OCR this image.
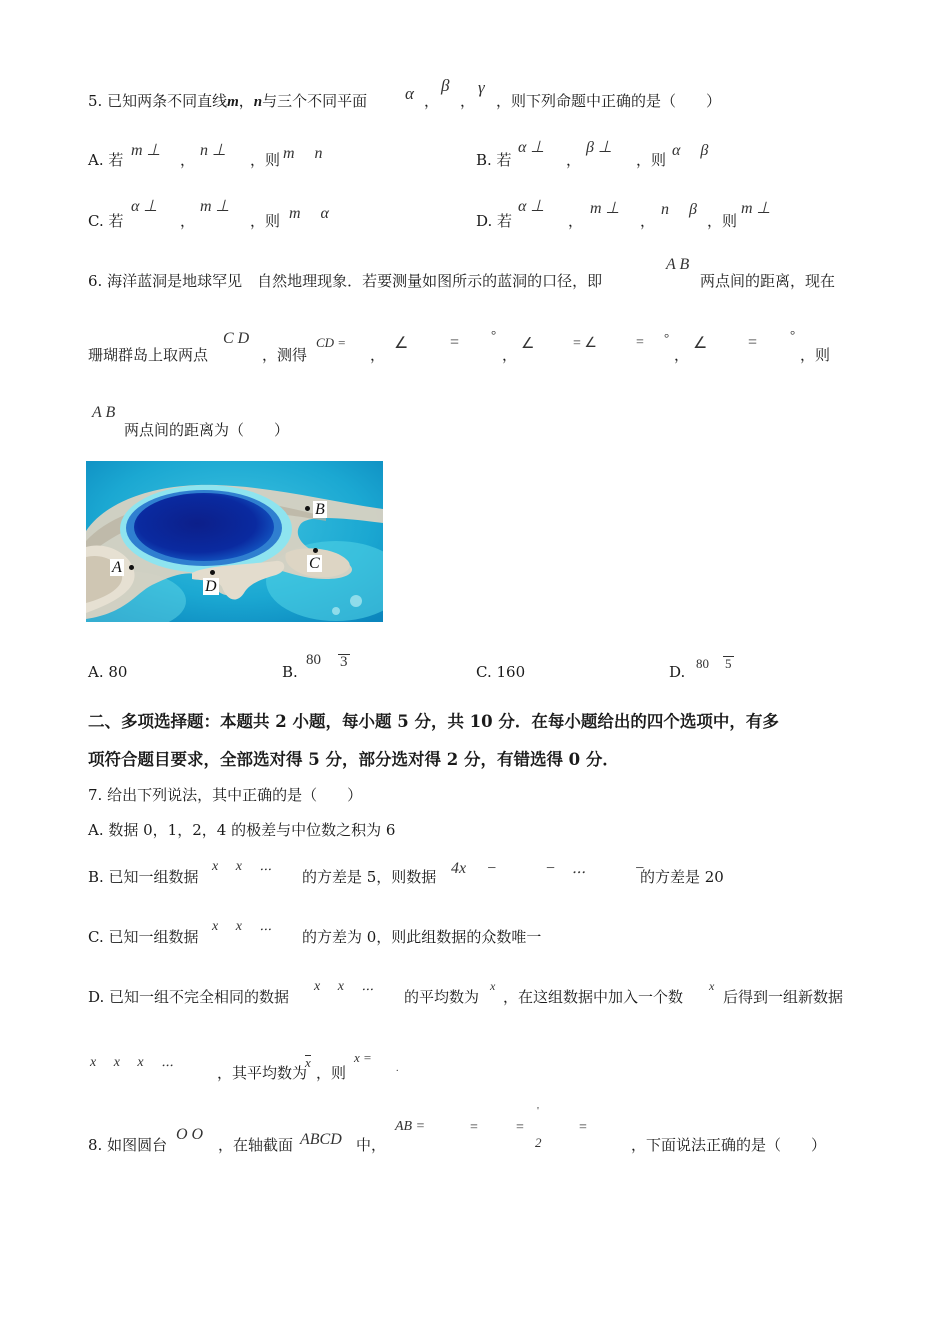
5. 已知两条不同直线m，n与三个不同平面 α ，
β
，
γ
，则下列命题中正确的是（　　）
A. 若
m ⊥
，
n ⊥
，则 m　 n	B. 若
α ⊥
，
β ⊥
，则
α　 β
C. 若
α ⊥
，
m ⊥
，则 m　 α	D. 若
α ⊥
，
m ⊥
，
n　 β
，则
m ⊥
6. 海洋蓝洞是地球罕见　自然地理现象．若要测量如图所示的蓝洞的口径，即
A B
两点间的距离，现在
珊瑚群岛上取两点
C D
，测得
CD =
，
∠	= °
，
∠	= ∠	= °
，
∠	=	°
，则
A B
两点间的距离为（　　）
B
C
A
D
A. 80	B.
80 3
C. 160	D. 80 5
二、多项选择题：本题共 2 小题，每小题 5 分，共 10 分．在每小题给出的四个选项中，有多
项符合题目要求，全部选对得 5 分，部分选对得 2 分，有错选得 0 分．
7. 给出下列说法，其中正确的是（　　）
A. 数据 0，1，2，4 的极差与中位数之积为 6
B. 已知一组数据
x　 x　 ⋯
的方差是 5，则数据 4x　 −　　　−　⋯　　　−
的方差是 20
C. 已知一组数据
x　 x　 ⋯
的方差为 0，则此组数据的众数唯一
D. 已知一组不完全相同的数据
x　 x　 ⋯
的平均数为
x
，在这组数据中加入一个数
x
后得到一组新数据
x　 x　 x　 ⋯
，其平均数为
x
，则
x =
.
8. 如图圆台
O O
，在轴截面 ABCD 中，
AB =	=	=
'
2
=
，下面说法正确的是（　　）
